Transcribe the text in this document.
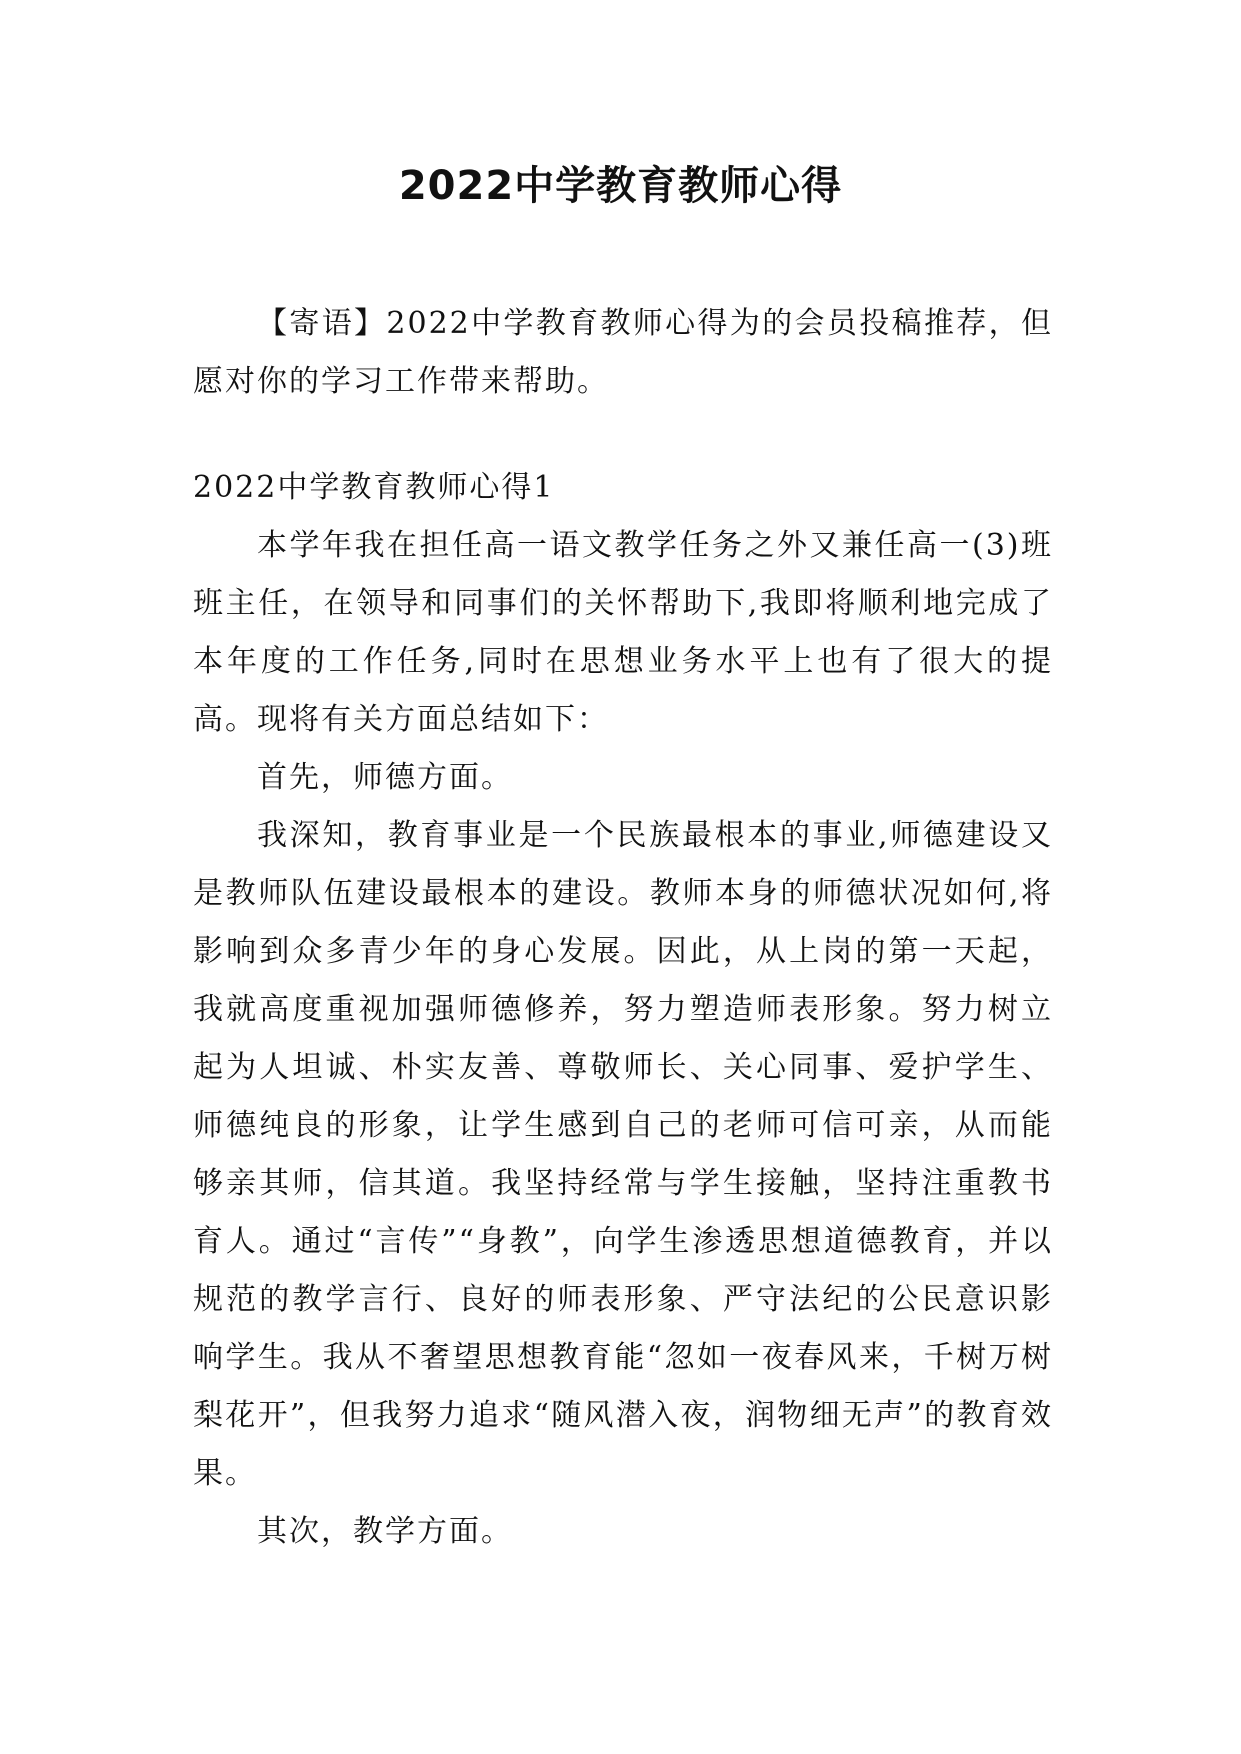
2022中学教育教师心得

【寄语】2022中学教育教师心得为的会员投稿推荐，但愿对你的学习工作带来帮助。

2022中学教育教师心得1

本学年我在担任高一语文教学任务之外又兼任高一(3)班班主任，在领导和同事们的关怀帮助下,我即将顺利地完成了本年度的工作任务,同时在思想业务水平上也有了很大的提高。现将有关方面总结如下：

首先，师德方面。

我深知，教育事业是一个民族最根本的事业,师德建设又是教师队伍建设最根本的建设。教师本身的师德状况如何,将影响到众多青少年的身心发展。因此，从上岗的第一天起，我就高度重视加强师德修养，努力塑造师表形象。努力树立起为人坦诚、朴实友善、尊敬师长、关心同事、爱护学生、师德纯良的形象，让学生感到自己的老师可信可亲，从而能够亲其师，信其道。我坚持经常与学生接触，坚持注重教书育人。通过“言传”“身教”，向学生渗透思想道德教育，并以规范的教学言行、良好的师表形象、严守法纪的公民意识影响学生。我从不奢望思想教育能“忽如一夜春风来，千树万树梨花开”，但我努力追求“随风潜入夜，润物细无声”的教育效果。

其次，教学方面。
